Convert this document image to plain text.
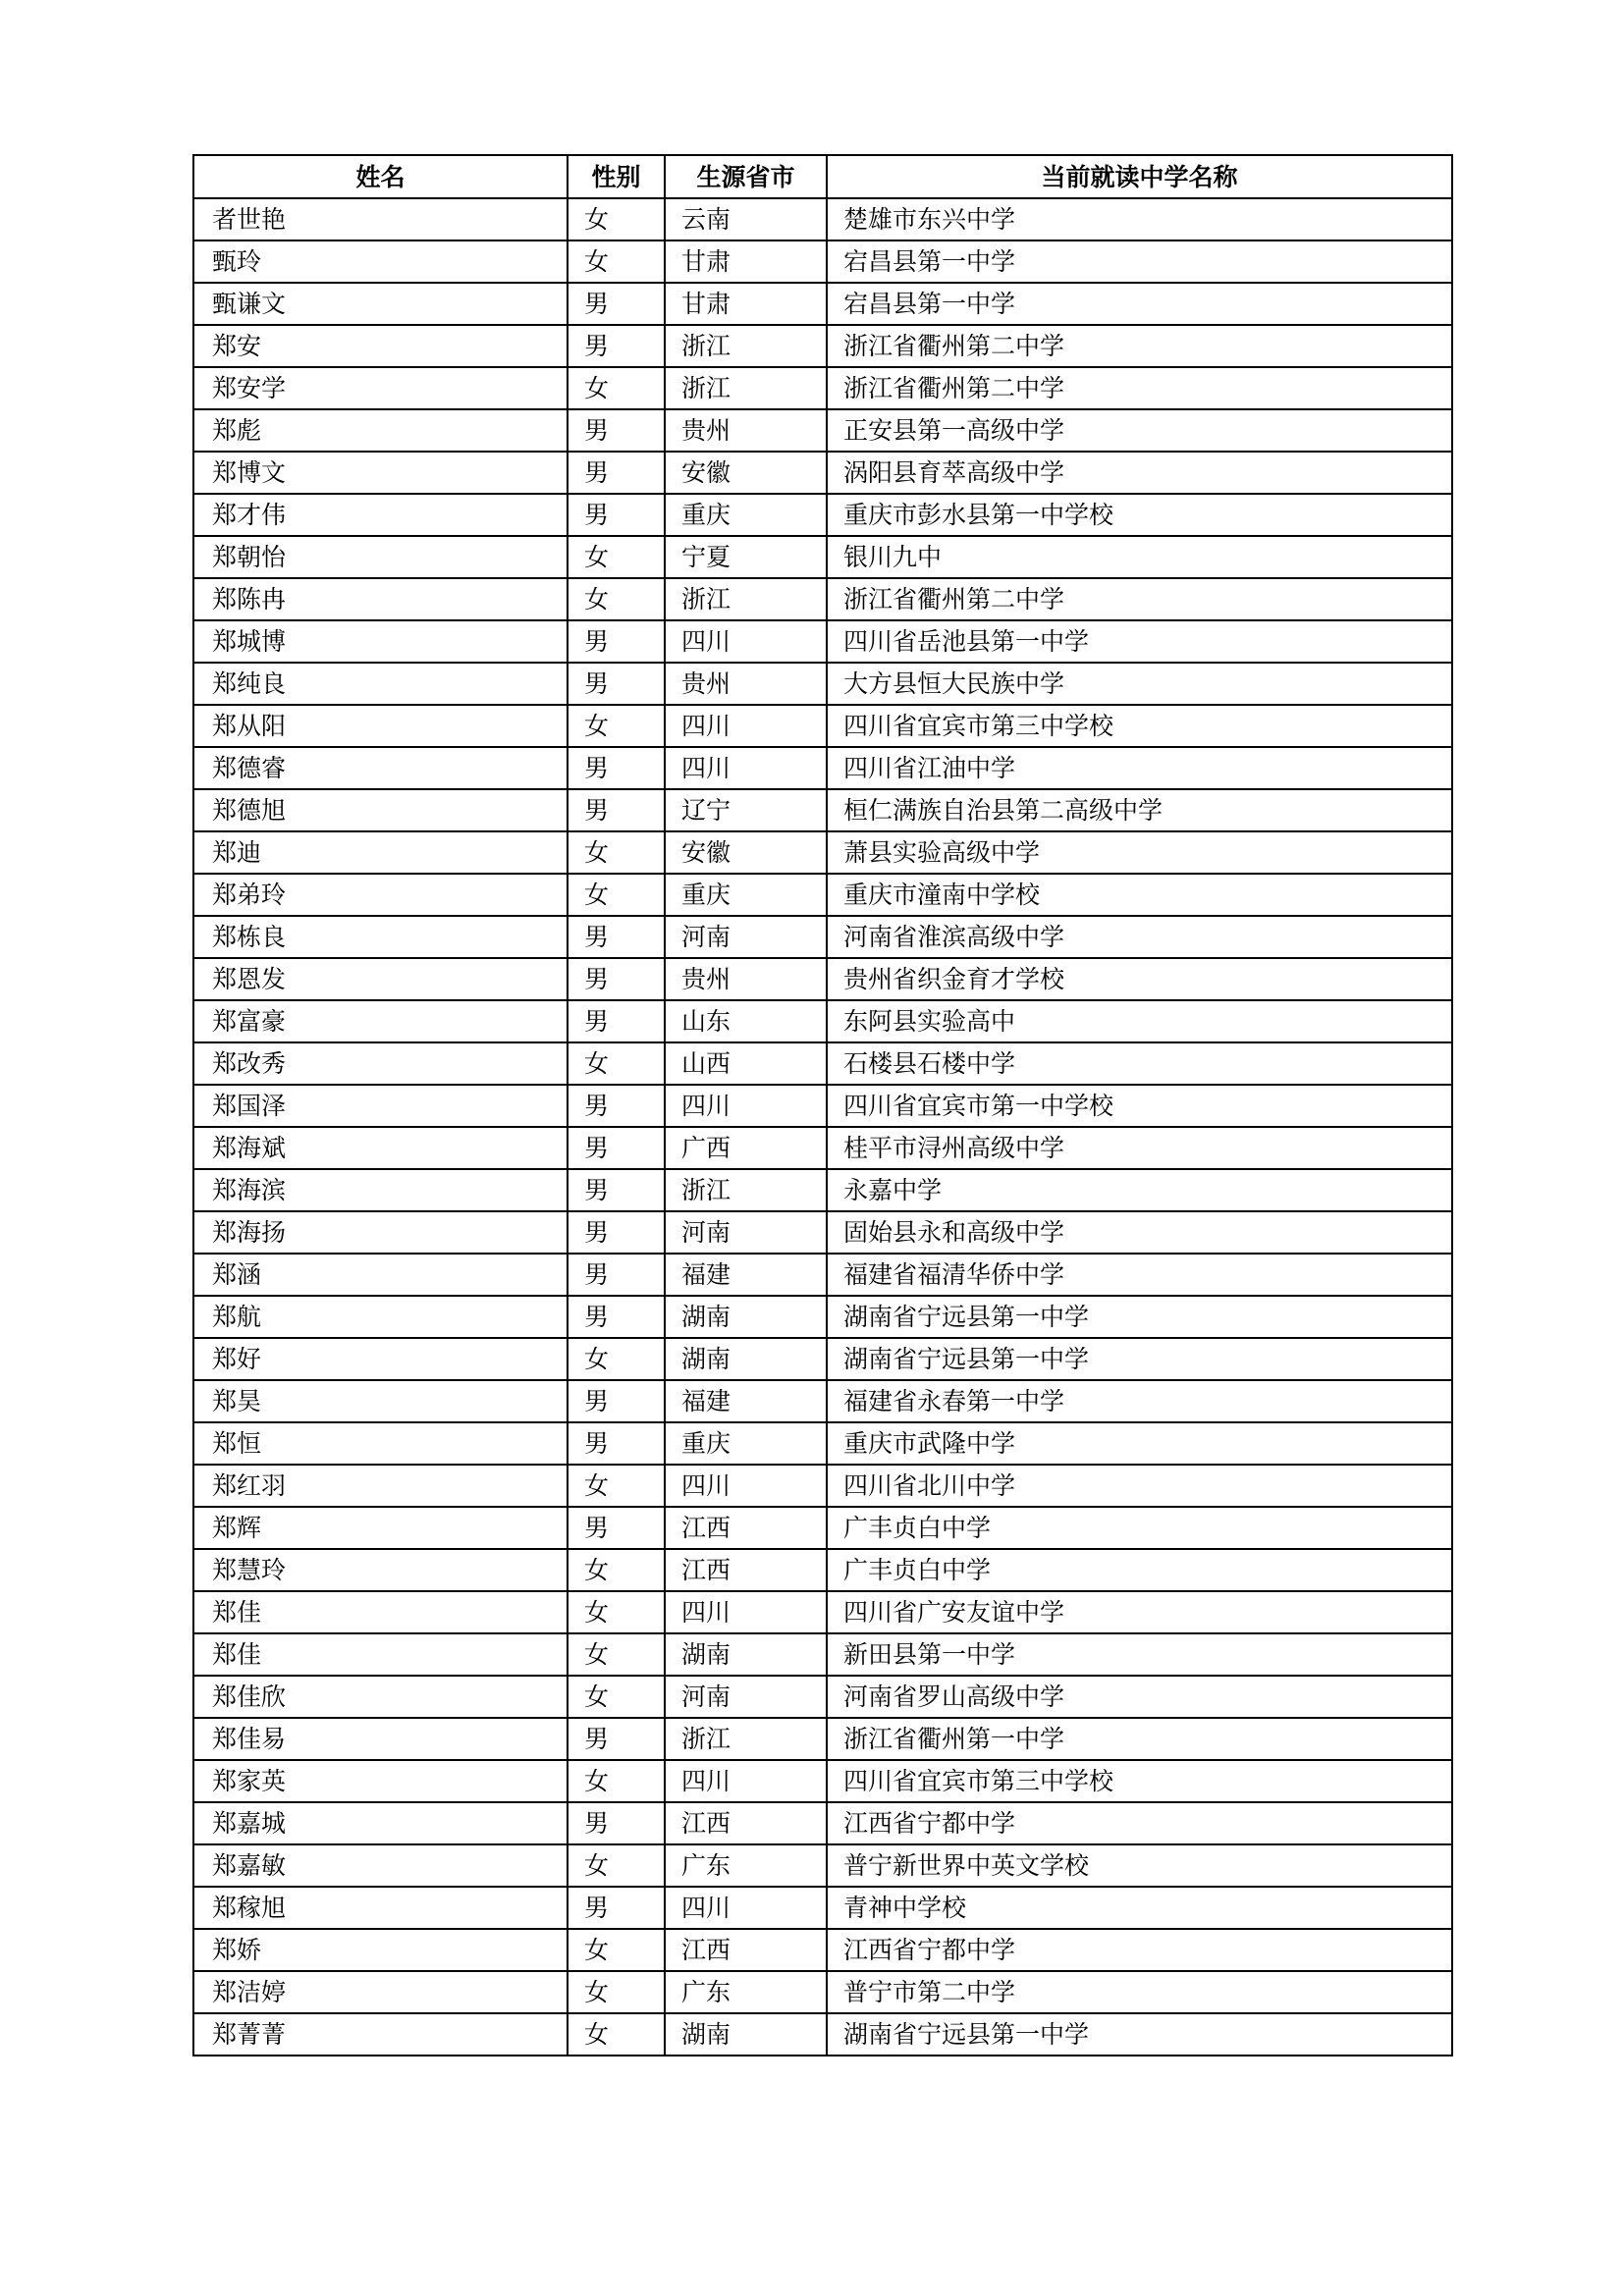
姓名	性别	生源省市	当前就读中学名称
者世艳	女	云南	楚雄市东兴中学
甄玲	女	甘肃	宕昌县第一中学
甄谦文	男	甘肃	宕昌县第一中学
郑安	男	浙江	浙江省衢州第二中学
郑安学	女	浙江	浙江省衢州第二中学
郑彪	男	贵州	正安县第一高级中学
郑博文	男	安徽	涡阳县育萃高级中学
郑才伟	男	重庆	重庆市彭水县第一中学校
郑朝怡	女	宁夏	银川九中
郑陈冉	女	浙江	浙江省衢州第二中学
郑城博	男	四川	四川省岳池县第一中学
郑纯良	男	贵州	大方县恒大民族中学
郑从阳	女	四川	四川省宜宾市第三中学校
郑德睿	男	四川	四川省江油中学
郑德旭	男	辽宁	桓仁满族自治县第二高级中学
郑迪	女	安徽	萧县实验高级中学
郑弟玲	女	重庆	重庆市潼南中学校
郑栋良	男	河南	河南省淮滨高级中学
郑恩发	男	贵州	贵州省织金育才学校
郑富豪	男	山东	东阿县实验高中
郑改秀	女	山西	石楼县石楼中学
郑国泽	男	四川	四川省宜宾市第一中学校
郑海斌	男	广西	桂平市浔州高级中学
郑海滨	男	浙江	永嘉中学
郑海扬	男	河南	固始县永和高级中学
郑涵	男	福建	福建省福清华侨中学
郑航	男	湖南	湖南省宁远县第一中学
郑好	女	湖南	湖南省宁远县第一中学
郑昊	男	福建	福建省永春第一中学
郑恒	男	重庆	重庆市武隆中学
郑红羽	女	四川	四川省北川中学
郑辉	男	江西	广丰贞白中学
郑慧玲	女	江西	广丰贞白中学
郑佳	女	四川	四川省广安友谊中学
郑佳	女	湖南	新田县第一中学
郑佳欣	女	河南	河南省罗山高级中学
郑佳易	男	浙江	浙江省衢州第一中学
郑家英	女	四川	四川省宜宾市第三中学校
郑嘉城	男	江西	江西省宁都中学
郑嘉敏	女	广东	普宁新世界中英文学校
郑稼旭	男	四川	青神中学校
郑娇	女	江西	江西省宁都中学
郑洁婷	女	广东	普宁市第二中学
郑菁菁	女	湖南	湖南省宁远县第一中学
